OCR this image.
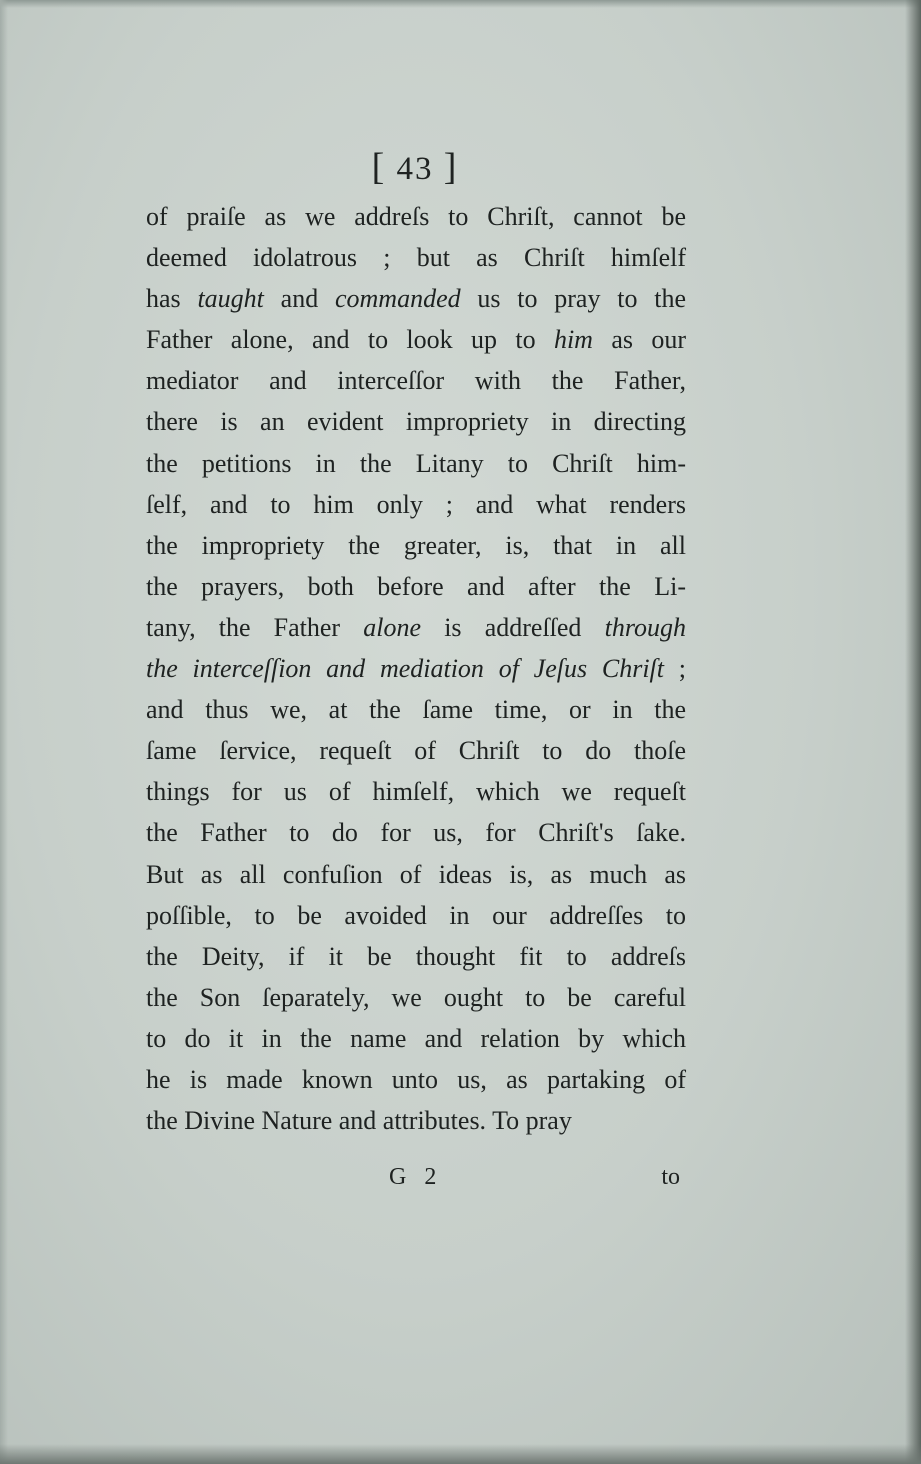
[ 43 ]
of praiſe as we addreſs to Chriſt, cannot be
deemed idolatrous ; but as Chriſt himſelf
has taught and commanded us to pray to the
Father alone, and to look up to him as our
mediator and interceſſor with the Father,
there is an evident impropriety in directing
the petitions in the Litany to Chriſt him-
ſelf, and to him only ; and what renders
the impropriety the greater, is, that in all
the prayers, both before and after the Li-
tany, the Father alone is addreſſed through
the interceſſion and mediation of Jeſus Chriſt ;
and thus we, at the ſame time, or in the
ſame ſervice, requeſt of Chriſt to do thoſe
things for us of himſelf, which we requeſt
the Father to do for us, for Chriſt's ſake.
But as all confuſion of ideas is, as much as
poſſible, to be avoided in our addreſſes to
the Deity, if it be thought fit to addreſs
the Son ſeparately, we ought to be careful
to do it in the name and relation by which
he is made known unto us, as partaking of
the Divine Nature and attributes. To pray
G 2	to
